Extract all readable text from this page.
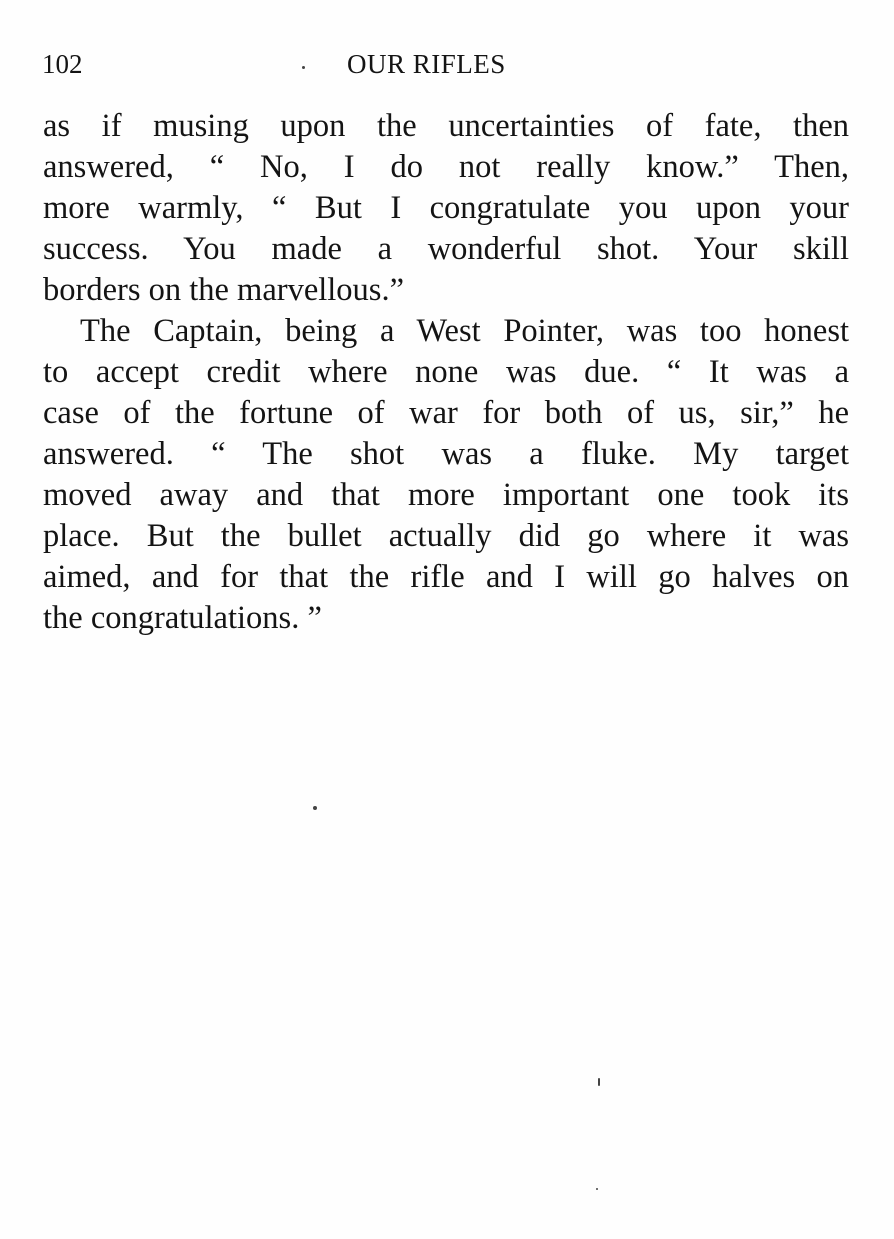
102	OUR RIFLES

as if musing upon the uncertainties of fate, then
answered, “ No, I do not really know.” Then,
more warmly, “ But I congratulate you upon your
success. You made a wonderful shot. Your skill
borders on the marvellous.”

The Captain, being a West Pointer, was too honest
to accept credit where none was due. “ It was a
case of the fortune of war for both of us, sir,” he
answered. “ The shot was a fluke. My target
moved away and that more important one took its
place. But the bullet actually did go where it was
aimed, and for that the rifle and I will go halves on
the congratulations. ”
